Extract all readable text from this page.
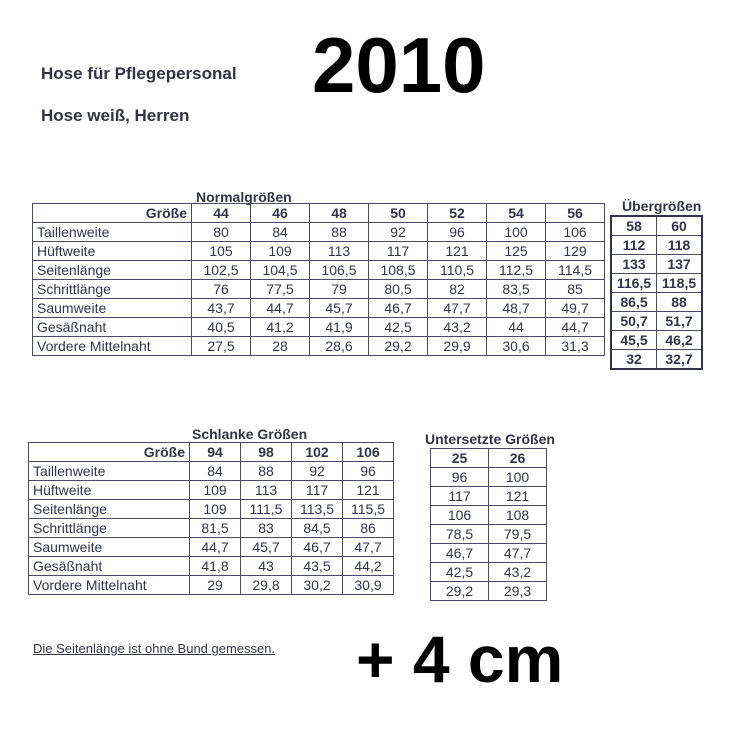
Hose für Pflegepersonal
Hose weiß, Herren
2010
Normalgrößen
Größe	44	46	48	50	52	54	56
Taillenweite	80	84	88	92	96	100	106
Hüftweite	105	109	113	117	121	125	129
Seitenlänge	102,5	104,5	106,5	108,5	110,5	112,5	114,5
Schrittlänge	76	77,5	79	80,5	82	83,5	85
Saumweite	43,7	44,7	45,7	46,7	47,7	48,7	49,7
Gesäßnaht	40,5	41,2	41,9	42,5	43,2	44	44,7
Vordere Mittelnaht	27,5	28	28,6	29,2	29,9	30,6	31,3
Übergrößen
58	60
112	118
133	137
116,5	118,5
86,5	88
50,7	51,7
45,5	46,2
32	32,7
Schlanke Größen
Größe	94	98	102	106
Taillenweite	84	88	92	96
Hüftweite	109	113	117	121
Seitenlänge	109	111,5	113,5	115,5
Schrittlänge	81,5	83	84,5	86
Saumweite	44,7	45,7	46,7	47,7
Gesäßnaht	41,8	43	43,5	44,2
Vordere Mittelnaht	29	29,8	30,2	30,9
Untersetzte Größen
25	26
96	100
117	121
106	108
78,5	79,5
46,7	47,7
42,5	43,2
29,2	29,3
Die Seitenlänge ist ohne Bund gemessen. + 4 cm
